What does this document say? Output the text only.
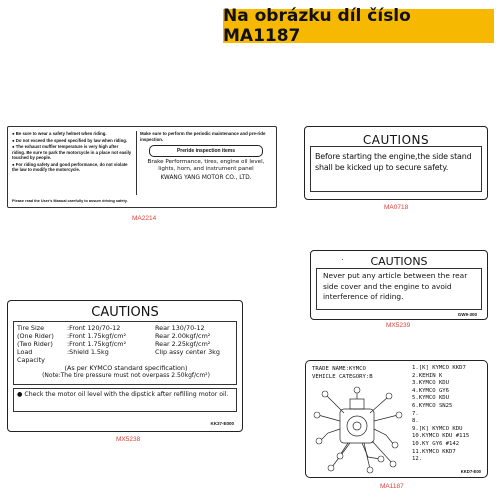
Na obrázku díl číslo MA1187
● Be sure to wear a safety helmet when riding.
● Do not exceed the speed specified by law when riding.
● The exhaust muffler temperature is very high after riding. Be sure to park the motorcycle in a place not easily touched by people.
● For riding safety and good performance, do not violate the law to modify the motorcycle.
Make sure to perform the periodic maintenance and pre-ride inspection.
Preride inspection items
Brake Performance, tires, engine oil level, lights, horn, and instrument panel
KWANG YANG MOTOR CO., LTD.
Please read the User's Manual carefully to assure driving safety.
MA2214
CAUTIONS
Before starting the engine,the side stand shall be kicked up to secure safety.
MA0718
·	CAUTIONS
Never put any article between the rear side cover and the engine to avoid interference of riding.
GW9-300
MX5239
CAUTIONS
Tire Size	:Front 120/70-12	Rear 130/70-12
(One Rider)	:Front 1.75kgf/cm²	Rear 2.00kgf/cm²
(Two Rider)	:Front 1.75kgf/cm²	Rear 2.25kgf/cm²
Load Capacity
:Shield 1.5kg	Clip assy center 3kg
(As per KYMCO standard specification)
(Note:The tire pressure must not overpass 2.50kgf/cm²)
● Check the motor oil level with the dipstick after refilling motor oil.
KK37-E000
MX5238
TRADE NAME:KYMCO
VEHICLE CATEGORY:B
1.[K] KYMCO KKD7
2.KEHIN K
3.KYMCO KDU
4.KYMCO GY6
5.KYMCO KDU
6.KYMCO SN25
7.
8.
9.[K] KYMCO KDU
10.KYMCO KDU #115
10.KY GY6 #142
11.KYMCO KKD7
12.
KKD7-E00
MA1187
